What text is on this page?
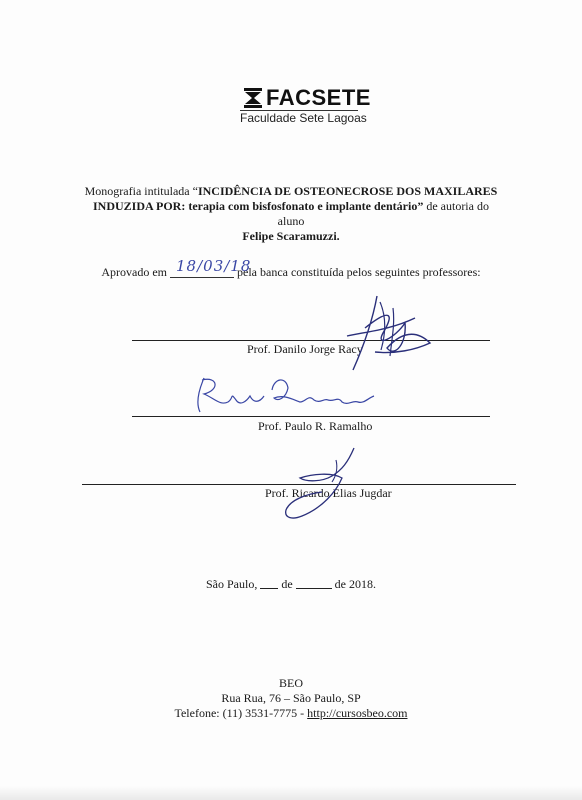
FACSETE
Faculdade Sete Lagoas
Monografia intitulada “INCIDÊNCIA DE OSTEONECROSE DOS MAXILARES INDUZIDA POR: terapia com bisfosfonato e implante dentário” de autoria do aluno
Felipe Scaramuzzi.
Aprovado em 18/03/18
pela banca constituída pelos seguintes professores:
Prof. Danilo Jorge Racy
Prof. Paulo R. Ramalho
Prof. Ricardo Elias Jugdar
São Paulo, de	de 2018.
BEO
Rua Rua, 76 – São Paulo, SP
Telefone: (11) 3531-7775 - http://cursosbeo.com
